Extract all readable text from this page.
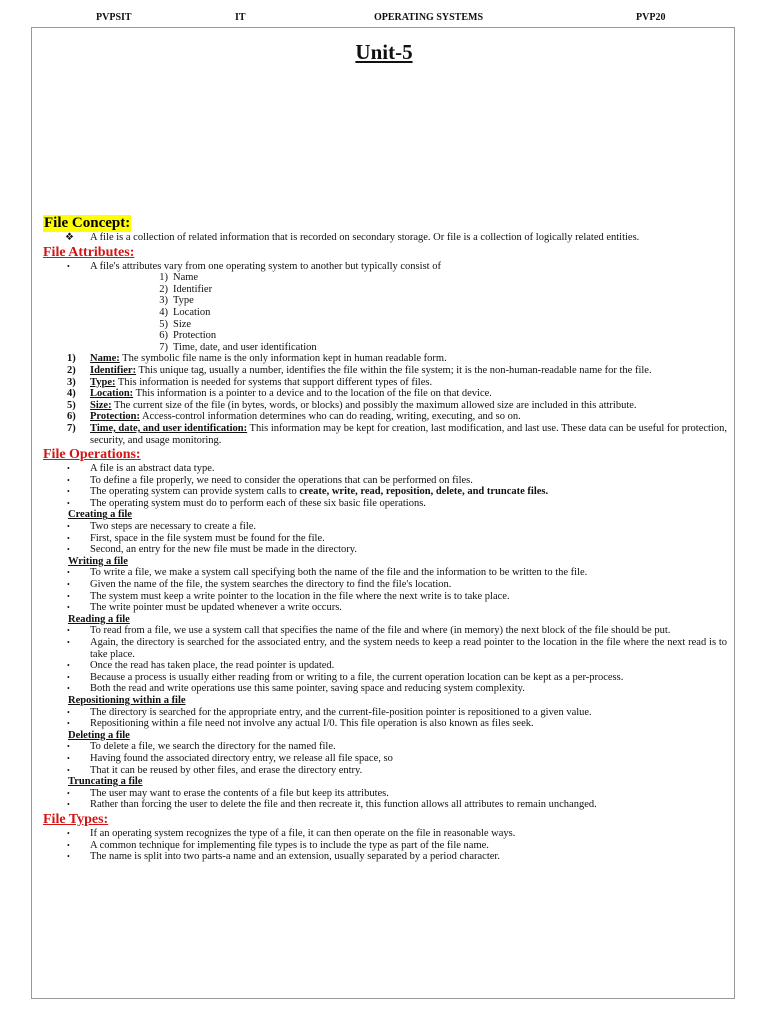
PVPSIT	IT	OPERATING SYSTEMS	PVP20
Unit-5
File Concept:
❖ A file is a collection of related information that is recorded on secondary storage. Or file is a collection of logically related entities.
File Attributes:
• A file's attributes vary from one operating system to another but typically consist of
1) Name
2) Identifier
3) Type
4) Location
5) Size
6) Protection
7) Time, date, and user identification
1) Name: The symbolic file name is the only information kept in human readable form.
2) Identifier: This unique tag, usually a number, identifies the file within the file system; it is the non-human-readable name for the file.
3) Type: This information is needed for systems that support different types of files.
4) Location: This information is a pointer to a device and to the location of the file on that device.
5) Size: The current size of the file (in bytes, words, or blocks) and possibly the maximum allowed size are included in this attribute.
6) Protection: Access-control information determines who can do reading, writing, executing, and so on.
7) Time, date, and user identification: This information may be kept for creation, last modification, and last use. These data can be useful for protection, security, and usage monitoring.
File Operations:
• A file is an abstract data type.
• To define a file properly, we need to consider the operations that can be performed on files.
• The operating system can provide system calls to create, write, read, reposition, delete, and truncate files.
• The operating system must do to perform each of these six basic file operations.
Creating a file
• Two steps are necessary to create a file.
• First, space in the file system must be found for the file.
• Second, an entry for the new file must be made in the directory.
Writing a file
• To write a file, we make a system call specifying both the name of the file and the information to be written to the file.
• Given the name of the file, the system searches the directory to find the file's location.
• The system must keep a write pointer to the location in the file where the next write is to take place.
• The write pointer must be updated whenever a write occurs.
Reading a file
• To read from a file, we use a system call that specifies the name of the file and where (in memory) the next block of the file should be put.
• Again, the directory is searched for the associated entry, and the system needs to keep a read pointer to the location in the file where the next read is to take place.
• Once the read has taken place, the read pointer is updated.
• Because a process is usually either reading from or writing to a file, the current operation location can be kept as a per-process.
• Both the read and write operations use this same pointer, saving space and reducing system complexity.
Repositioning within a file
• The directory is searched for the appropriate entry, and the current-file-position pointer is repositioned to a given value.
• Repositioning within a file need not involve any actual I/0. This file operation is also known as files seek.
Deleting a file
• To delete a file, we search the directory for the named file.
• Having found the associated directory entry, we release all file space, so
• That it can be reused by other files, and erase the directory entry.
Truncating a file
• The user may want to erase the contents of a file but keep its attributes.
• Rather than forcing the user to delete the file and then recreate it, this function allows all attributes to remain unchanged.
File Types:
• If an operating system recognizes the type of a file, it can then operate on the file in reasonable ways.
• A common technique for implementing file types is to include the type as part of the file name.
• The name is split into two parts-a name and an extension, usually separated by a period character.
